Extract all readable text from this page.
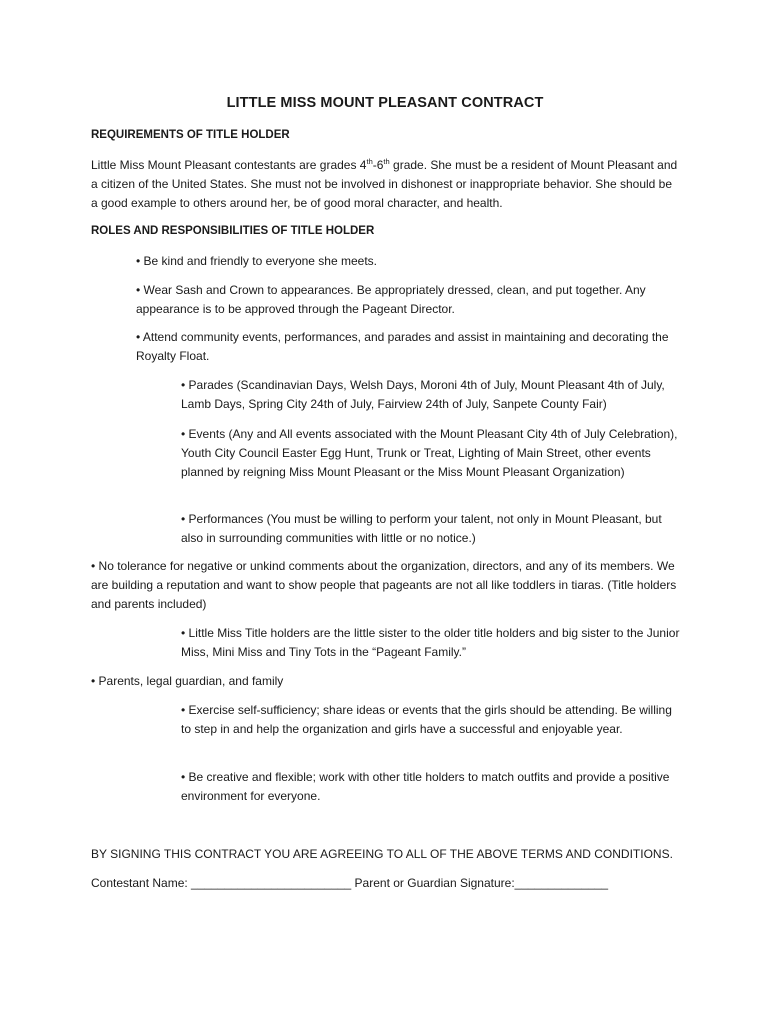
LITTLE MISS MOUNT PLEASANT CONTRACT
REQUIREMENTS OF TITLE HOLDER
Little Miss Mount Pleasant contestants are grades 4th-6th grade. She must be a resident of Mount Pleasant and a citizen of the United States. She must not be involved in dishonest or inappropriate behavior. She should be a good example to others around her, be of good moral character, and health.
ROLES AND RESPONSIBILITIES OF TITLE HOLDER
• Be kind and friendly to everyone she meets.
• Wear Sash and Crown to appearances. Be appropriately dressed, clean, and put together. Any appearance is to be approved through the Pageant Director.
• Attend community events, performances, and parades and assist in maintaining and decorating the Royalty Float.
• Parades (Scandinavian Days, Welsh Days, Moroni 4th of July, Mount Pleasant 4th of July, Lamb Days, Spring City 24th of July, Fairview 24th of July, Sanpete County Fair)
• Events (Any and All events associated with the Mount Pleasant City 4th of July Celebration), Youth City Council Easter Egg Hunt, Trunk or Treat, Lighting of Main Street, other events planned by reigning Miss Mount Pleasant or the Miss Mount Pleasant Organization)
• Performances (You must be willing to perform your talent, not only in Mount Pleasant, but also in surrounding communities with little or no notice.)
• No tolerance for negative or unkind comments about the organization, directors, and any of its members. We are building a reputation and want to show people that pageants are not all like toddlers in tiaras. (Title holders and parents included)
• Little Miss Title holders are the little sister to the older title holders and big sister to the Junior Miss, Mini Miss and Tiny Tots in the “Pageant Family.”
• Parents, legal guardian, and family
• Exercise self-sufficiency; share ideas or events that the girls should be attending. Be willing to step in and help the organization and girls have a successful and enjoyable year.
• Be creative and flexible; work with other title holders to match outfits and provide a positive environment for everyone.
BY SIGNING THIS CONTRACT YOU ARE AGREEING TO ALL OF THE ABOVE TERMS AND CONDITIONS.
Contestant Name: ________________________ Parent or Guardian Signature:______________
